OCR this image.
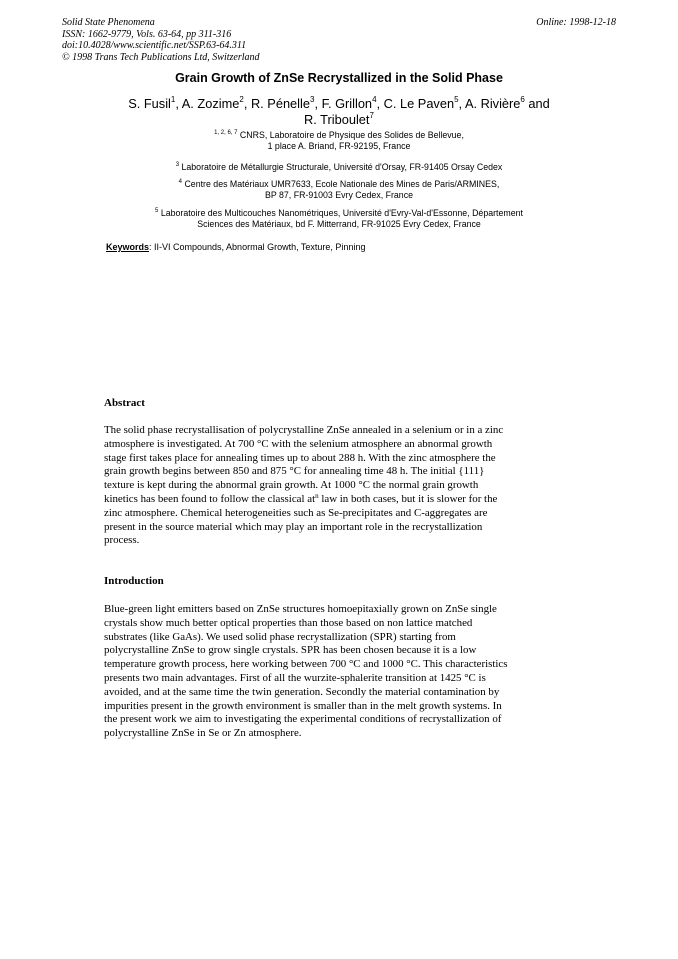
Solid State Phenomena
ISSN: 1662-9779, Vols. 63-64, pp 311-316
doi:10.4028/www.scientific.net/SSP.63-64.311
© 1998 Trans Tech Publications Ltd, Switzerland
Online: 1998-12-18
Grain Growth of ZnSe Recrystallized in the Solid Phase
S. Fusil$^1$, A. Zozime$^2$, R. Pénelle$^3$, F. Grillon$^4$, C. Le Paven$^5$, A. Rivière$^6$ and
R. Triboulet$^7$
$^{1, 2, 6, 7}$ CNRS, Laboratoire de Physique des Solides de Bellevue,
1 place A. Briand, FR-92195, France
$^3$ Laboratoire de Métallurgie Structurale, Université d'Orsay, FR-91405 Orsay Cedex
$^4$ Centre des Matériaux UMR7633, Ecole Nationale des Mines de Paris/ARMINES,
BP 87, FR-91003 Evry Cedex, France
$^5$ Laboratoire des Multicouches Nanométriques, Université d'Evry-Val-d'Essonne, Département
Sciences des Matériaux, bd F. Mitterrand, FR-91025 Evry Cedex, France
Keywords: II-VI Compounds, Abnormal Growth, Texture, Pinning
Abstract

The solid phase recrystallisation of polycrystalline ZnSe annealed in a selenium or in a zinc
atmosphere is investigated. At 700 °C with the selenium atmosphere an abnormal growth
stage first takes place for annealing times up to about 288 h. With the zinc atmosphere the
grain growth begins between 850 and 875 °C for annealing time 48 h. The initial {111}
texture is kept during the abnormal grain growth. At 1000 °C the normal grain growth
kinetics has been found to follow the classical $at^n$ law in both cases, but it is slower for the
zinc atmosphere. Chemical heterogeneities such as Se-precipitates and C-aggregates are
present in the source material which may play an important role in the recrystallization
process.

Introduction

Blue-green light emitters based on ZnSe structures homoepitaxially grown on ZnSe single
crystals show much better optical properties than those based on non lattice matched
substrates (like GaAs). We used solid phase recrystallization (SPR) starting from
polycrystalline ZnSe to grow single crystals. SPR has been chosen because it is a low
temperature growth process, here working between 700 °C and 1000 °C. This characteristics
presents two main advantages. First of all the wurzite-sphalerite transition at 1425 °C is
avoided, and at the same time the twin generation. Secondly the material contamination by
impurities present in the growth environment is smaller than in the melt growth systems. In
the present work we aim to investigating the experimental conditions of recrystallization of
polycrystalline ZnSe in Se or Zn atmosphere.
